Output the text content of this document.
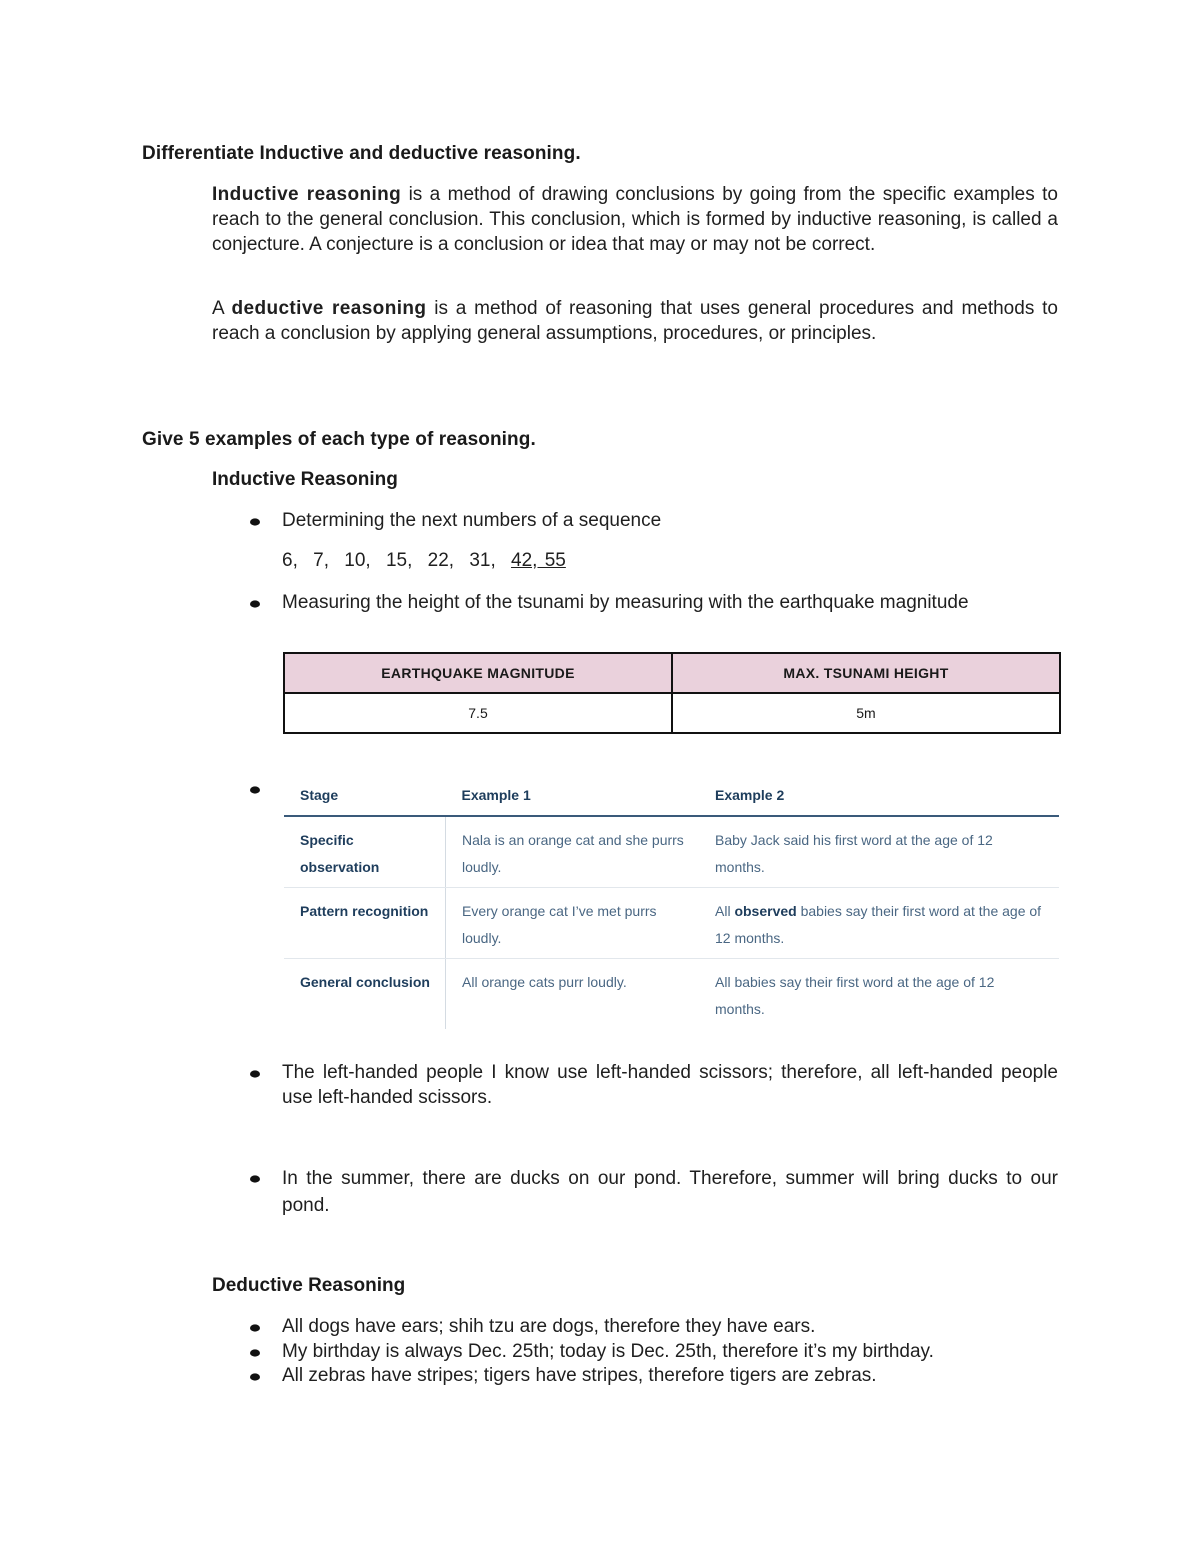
Differentiate Inductive and deductive reasoning.
Inductive reasoning is a method of drawing conclusions by going from the specific examples to reach to the general conclusion. This conclusion, which is formed by inductive reasoning, is called a conjecture. A conjecture is a conclusion or idea that may or may not be correct.
A deductive reasoning is a method of reasoning that uses general procedures and methods to reach a conclusion by applying general assumptions, procedures, or principles.
Give 5 examples of each type of reasoning.
Inductive Reasoning
Determining the next numbers of a sequence
6, 7, 10, 15, 22, 31, 42, 55
Measuring the height of the tsunami by measuring with the earthquake magnitude
EARTHQUAKE MAGNITUDE	MAX. TSUNAMI HEIGHT
7.5	5m
Stage	Example 1	Example 2
Specific observation	Nala is an orange cat and she purrs loudly.	Baby Jack said his first word at the age of 12 months.
Pattern recognition	Every orange cat I’ve met purrs loudly.	All observed babies say their first word at the age of 12 months.
General conclusion	All orange cats purr loudly.	All babies say their first word at the age of 12 months.
The left-handed people I know use left-handed scissors; therefore, all left-handed people use left-handed scissors.
In the summer, there are ducks on our pond. Therefore, summer will bring ducks to our pond.
Deductive Reasoning
All dogs have ears; shih tzu are dogs, therefore they have ears.
My birthday is always Dec. 25th; today is Dec. 25th, therefore it’s my birthday.
All zebras have stripes; tigers have stripes, therefore tigers are zebras.
